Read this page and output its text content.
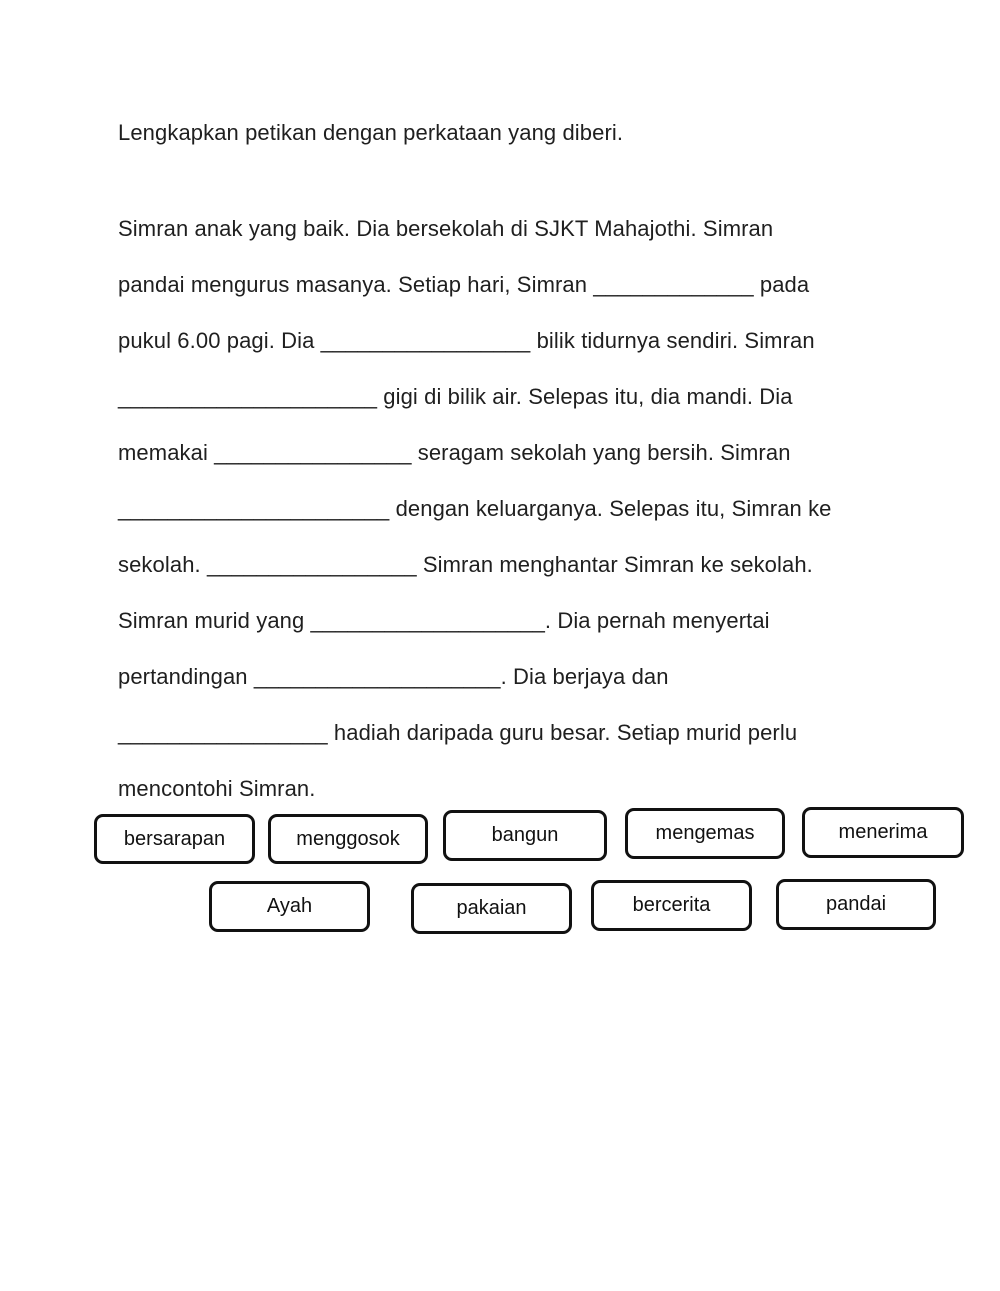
Lengkapkan petikan dengan perkataan yang diberi.
Simran anak yang baik. Dia bersekolah di SJKT Mahajothi. Simran
pandai mengurus masanya. Setiap hari, Simran _____________ pada
pukul 6.00 pagi. Dia _________________ bilik tidurnya sendiri. Simran
_____________________ gigi di bilik air. Selepas itu, dia mandi. Dia
memakai ________________ seragam sekolah yang bersih. Simran
______________________ dengan keluarganya. Selepas itu, Simran ke
sekolah. _________________ Simran menghantar Simran ke sekolah.
Simran murid yang ___________________. Dia pernah menyertai
pertandingan ____________________. Dia berjaya dan
_________________ hadiah daripada guru besar. Setiap murid perlu
mencontohi Simran.
bersarapan	menggosok	bangun	mengemas	menerima
Ayah	pakaian	bercerita	pandai
